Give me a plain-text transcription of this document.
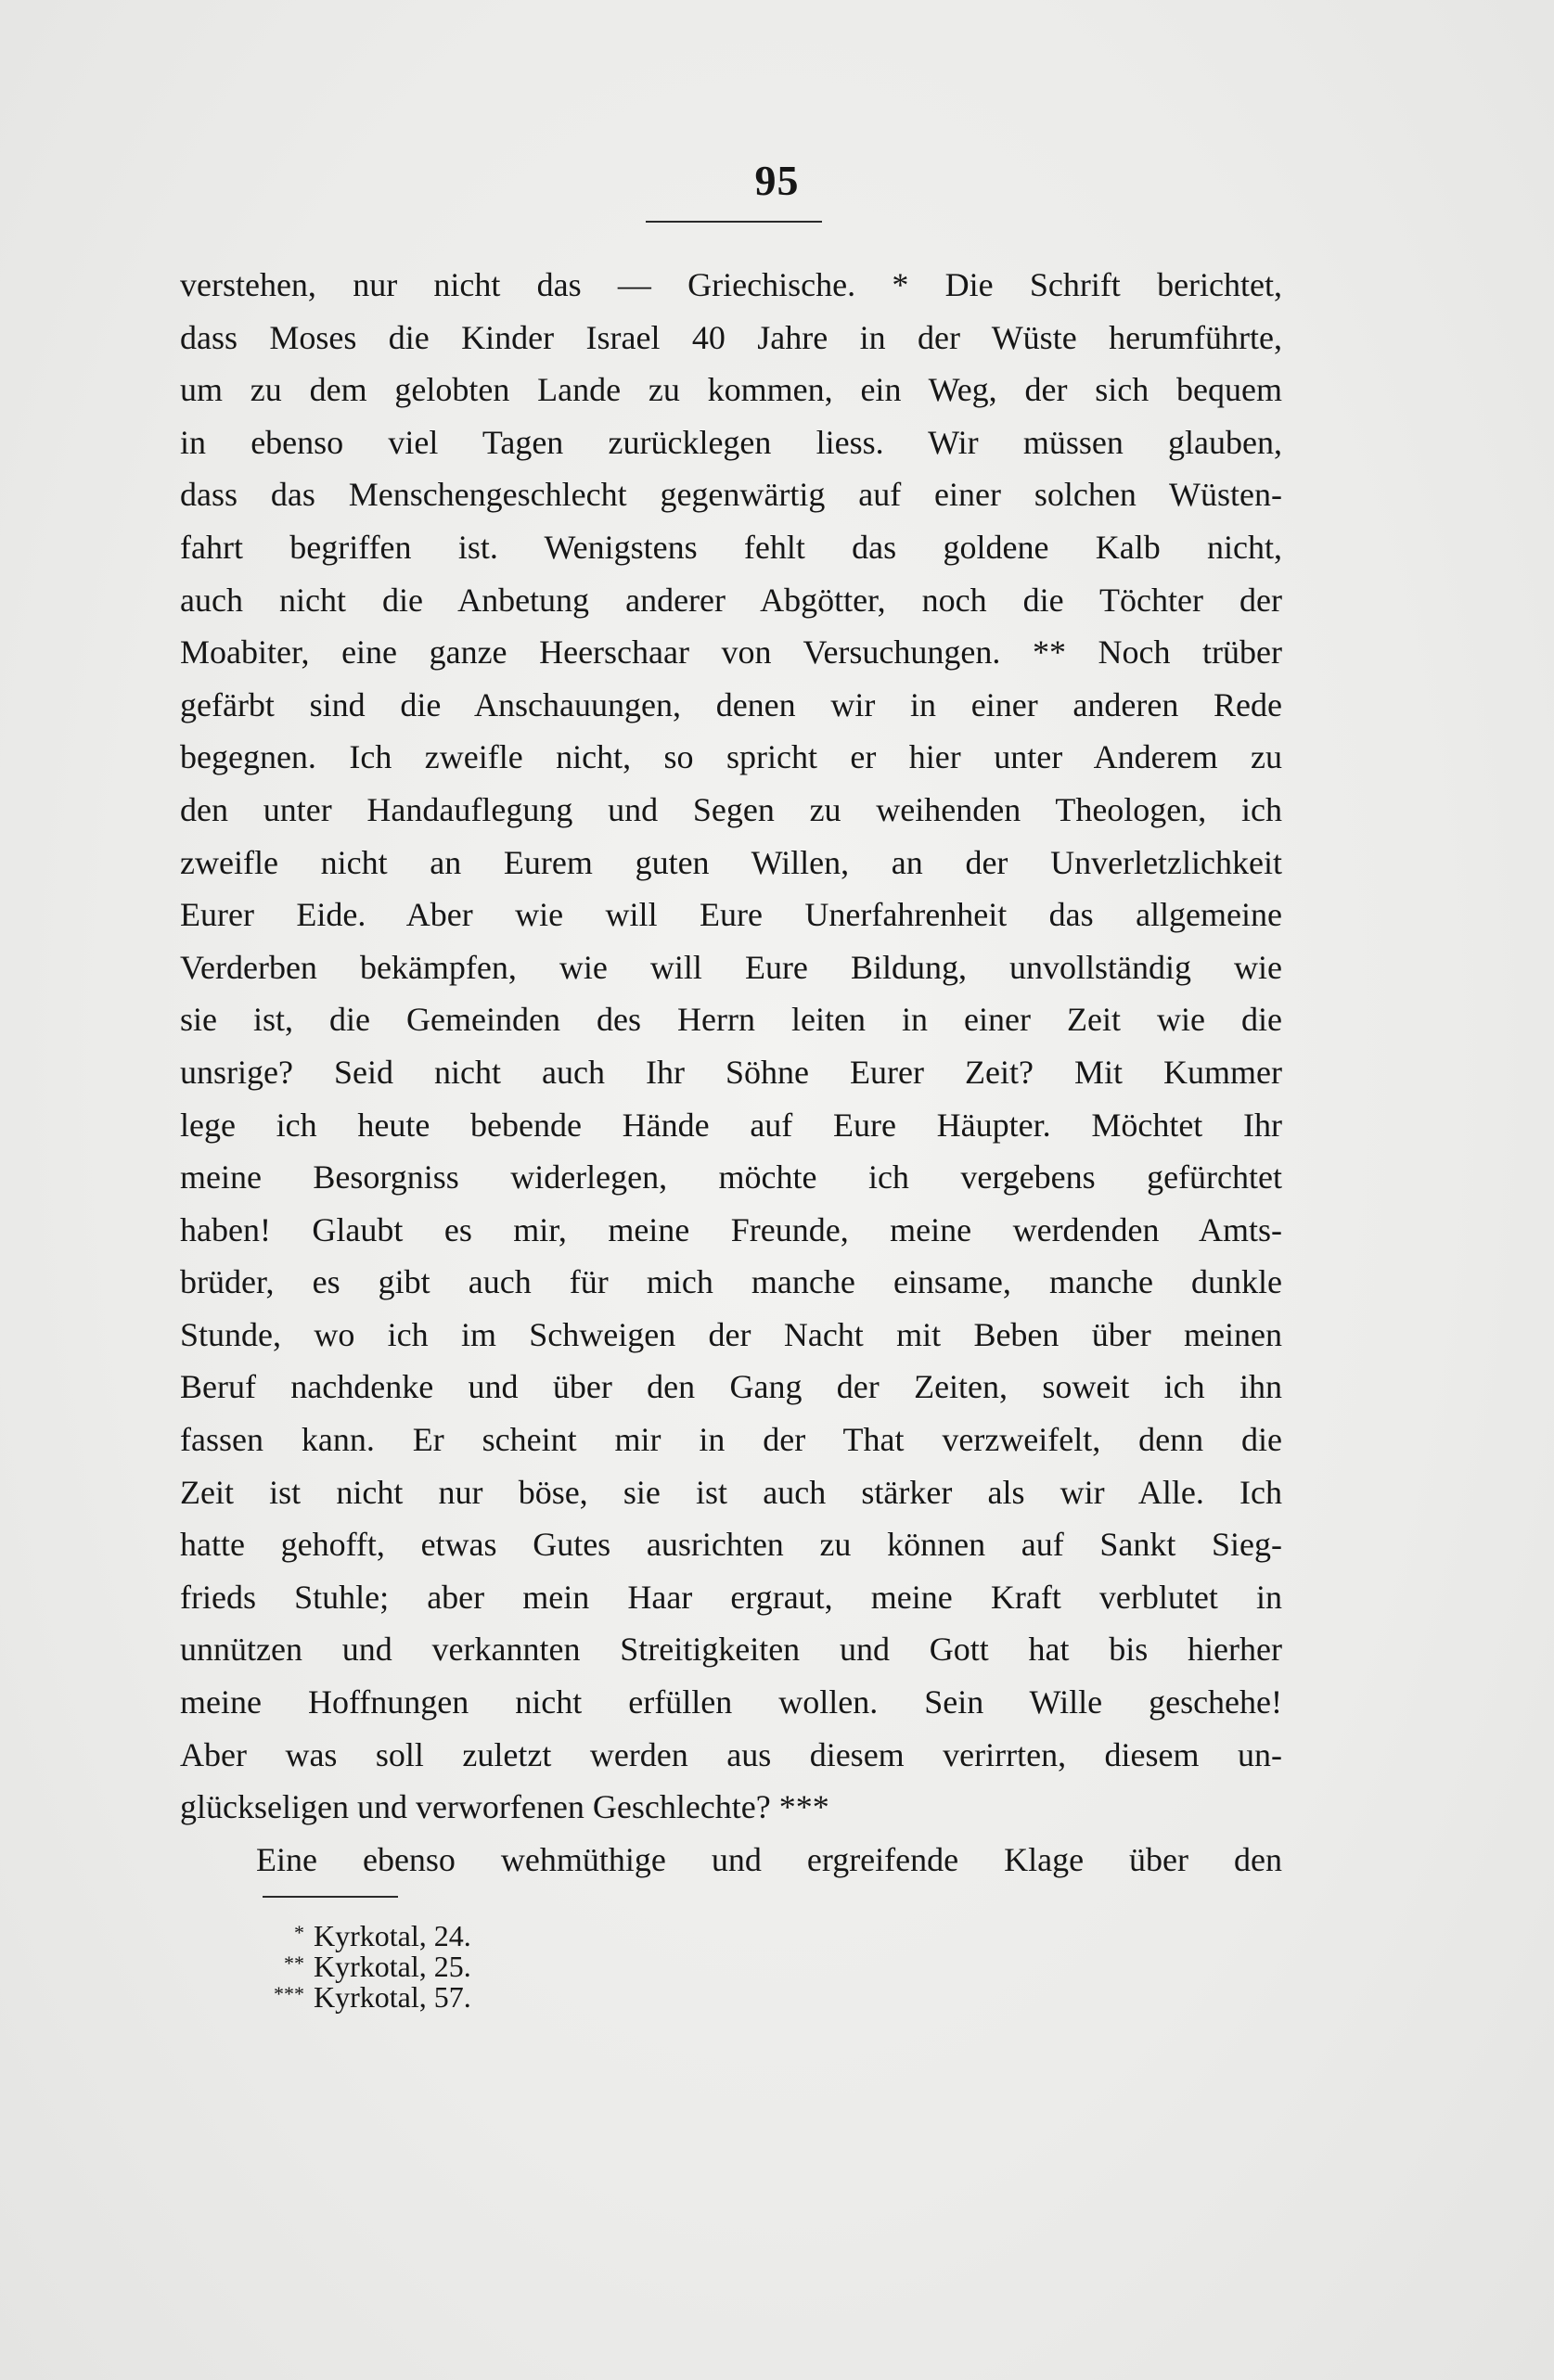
95
verstehen, nur nicht das — Griechische. * Die Schrift berichtet,
dass Moses die Kinder Israel 40 Jahre in der Wüste herumführte,
um zu dem gelobten Lande zu kommen, ein Weg, der sich bequem
in ebenso viel Tagen zurücklegen liess. Wir müssen glauben,
dass das Menschengeschlecht gegenwärtig auf einer solchen Wüsten-
fahrt begriffen ist. Wenigstens fehlt das goldene Kalb nicht,
auch nicht die Anbetung anderer Abgötter, noch die Töchter der
Moabiter, eine ganze Heerschaar von Versuchungen. ** Noch trüber
gefärbt sind die Anschauungen, denen wir in einer anderen Rede
begegnen. Ich zweifle nicht, so spricht er hier unter Anderem zu
den unter Handauflegung und Segen zu weihenden Theologen, ich
zweifle nicht an Eurem guten Willen, an der Unverletzlichkeit
Eurer Eide. Aber wie will Eure Unerfahrenheit das allgemeine
Verderben bekämpfen, wie will Eure Bildung, unvollständig wie
sie ist, die Gemeinden des Herrn leiten in einer Zeit wie die
unsrige? Seid nicht auch Ihr Söhne Eurer Zeit? Mit Kummer
lege ich heute bebende Hände auf Eure Häupter. Möchtet Ihr
meine Besorgniss widerlegen, möchte ich vergebens gefürchtet
haben! Glaubt es mir, meine Freunde, meine werdenden Amts-
brüder, es gibt auch für mich manche einsame, manche dunkle
Stunde, wo ich im Schweigen der Nacht mit Beben über meinen
Beruf nachdenke und über den Gang der Zeiten, soweit ich ihn
fassen kann. Er scheint mir in der That verzweifelt, denn die
Zeit ist nicht nur böse, sie ist auch stärker als wir Alle. Ich
hatte gehofft, etwas Gutes ausrichten zu können auf Sankt Sieg-
frieds Stuhle; aber mein Haar ergraut, meine Kraft verblutet in
unnützen und verkannten Streitigkeiten und Gott hat bis hierher
meine Hoffnungen nicht erfüllen wollen. Sein Wille geschehe!
Aber was soll zuletzt werden aus diesem verirrten, diesem un-
glückseligen und verworfenen Geschlechte? ***
Eine ebenso wehmüthige und ergreifende Klage über den
* Kyrkotal, 24.
** Kyrkotal, 25.
*** Kyrkotal, 57.
